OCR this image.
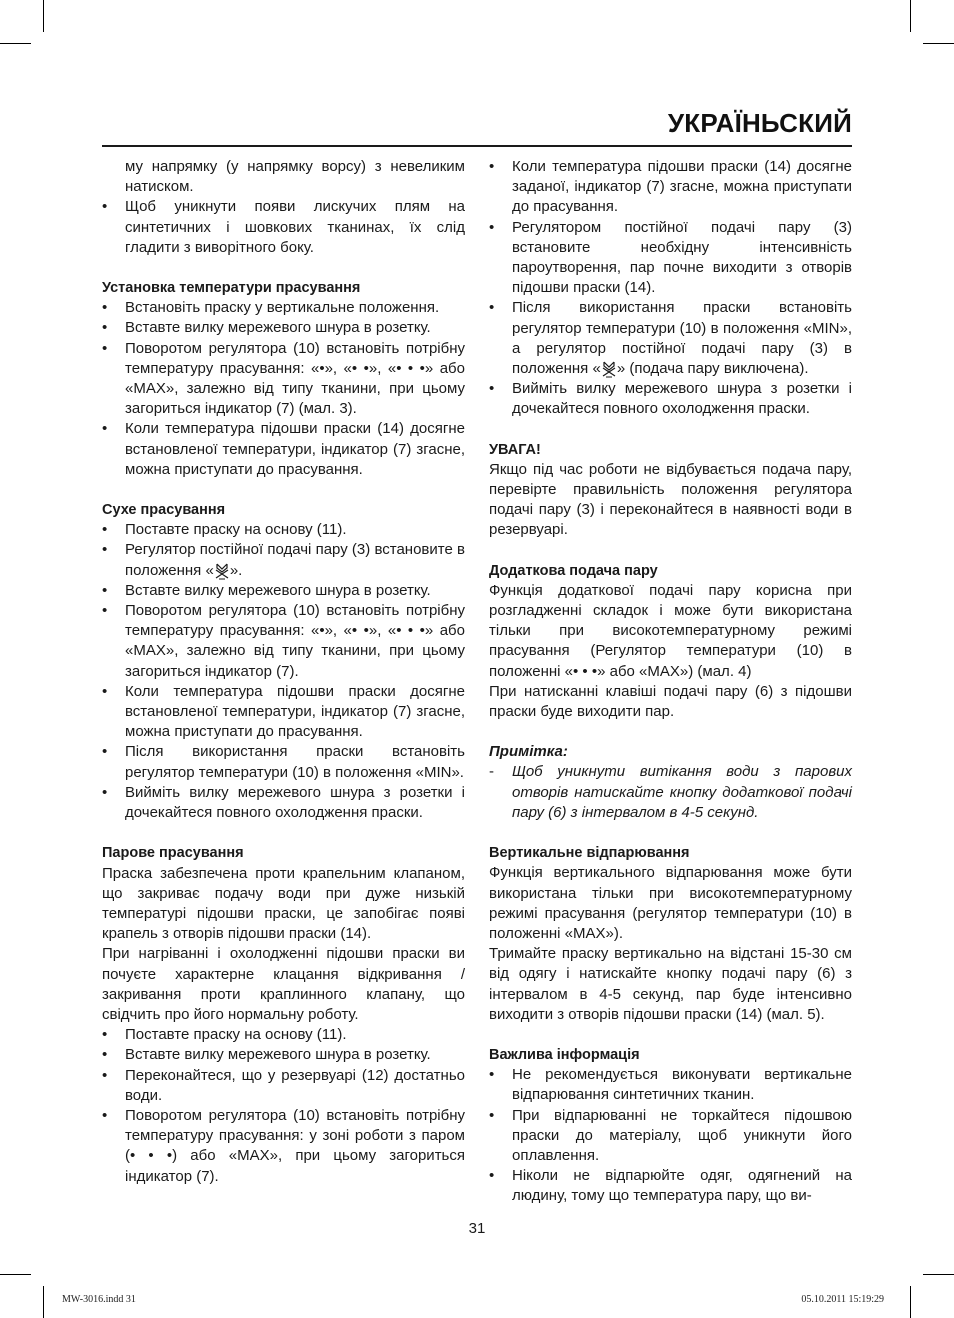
УКРАЇНЬСКИЙ

му напрямку (у напрямку ворсу) з невеликим натиском.

•	Щоб уникнути появи лискучих плям на синтетичних і шовкових тканинах, їх слід гладити з виворітного боку.

Установка температури прасування

•	Встановіть праску у вертикальне положення.
•	Вставте вилку мережевого шнура в розетку.
•	Поворотом регулятора (10) встановіть потрібну температуру прасування: «•», «• •», «• • •» або «MAX», залежно від типу тканини, при цьому загориться індикатор (7) (мал. 3).
•	Коли температура підошви праски (14) досягне встановленої температури, індикатор (7) згасне, можна приступати до прасування.

Сухе прасування

•	Поставте праску на основу (11).
•	Регулятор постійної подачі пару (3) встановите в положення « ».
•	Вставте вилку мережевого шнура в розетку.
•	Поворотом регулятора (10) встановіть потрібну температуру прасування: «•», «• •», «• • •» або «MAX», залежно від типу тканини, при цьому загориться індикатор (7).
•	Коли температура підошви праски досягне встановленої температури, індикатор (7) згасне, можна приступати до прасування.
•	Після використання праски встановіть регулятор температури (10) в положення «MIN».
•	Вийміть вилку мережевого шнура з розетки і дочекайтеся повного охолодження праски.

Парове прасування

Праска забезпечена проти крапельним клапаном, що закриває подачу води при дуже низькій температурі підошви праски, це запобігає появі крапель з отворів підошви праски (14).

При нагріванні і охолодженні підошви праски ви почуєте характерне клацання відкривання / закривання проти краплинного клапану, що свідчить про його нормальну роботу.

•	Поставте праску на основу (11).
•	Вставте вилку мережевого шнура в розетку.
•	Переконайтеся, що у резервуарі (12) достатньо води.
•	Поворотом регулятора (10) встановіть потрібну температуру прасування: у зоні роботи з паром (• • •) або «MAX», при цьому загориться індикатор (7).
•	Коли температура підошви праски (14) досягне заданої, індикатор (7) згасне, можна приступати до прасування.
•	Регулятором постійної подачі пару (3) встановите необхідну інтенсивність пароутворення, пар почне виходити з отворів підошви праски (14).
•	Після використання праски встановіть регулятор температури (10) в положення «MIN», а регулятор постійної подачі пару (3) в положення « » (подача пару виключена).
•	Вийміть вилку мережевого шнура з розетки і дочекайтеся повного охолодження праски.

УВАГА!

Якщо під час роботи не відбувається подача пару, перевірте правильність положення регулятора подачі пару (3) і переконайтеся в наявності води в резервуарі.

Додаткова подача пару

Функція додаткової подачі пару корисна при розгладженні складок і може бути використана тільки при високотемпературному режимі прасування (Регулятор температури (10) в положенні «• • •» або «MAX») (мал. 4)

При натисканні клавіші подачі пару (6) з підошви праски буде виходити пар.

Примітка:

-	Щоб уникнути витікання води з парових отворів натискайте кнопку додаткової подачі пару (6) з інтервалом в 4-5 секунд.

Вертикальне відпарювання

Функція вертикального відпарювання може бути використана тільки при високотемпературному режимі прасування (регулятор температури (10) в положенні «MAX»).

Тримайте праску вертикально на відстані 15-30 см від одягу і натискайте кнопку подачі пару (6) з інтервалом в 4-5 секунд, пар буде інтенсивно виходити з отворів підошви праски (14) (мал. 5).

Важлива інформація

•	Не рекомендується виконувати вертикальне відпарювання синтетичних тканин.
•	При відпарюванні не торкайтеся підошвою праски до матеріалу, щоб уникнути його оплавлення.
•	Ніколи не відпарюйте одяг, одягнений на людину, тому що температура пару, що ви-
31
MW-3016.indd 31	05.10.2011 15:19:29
